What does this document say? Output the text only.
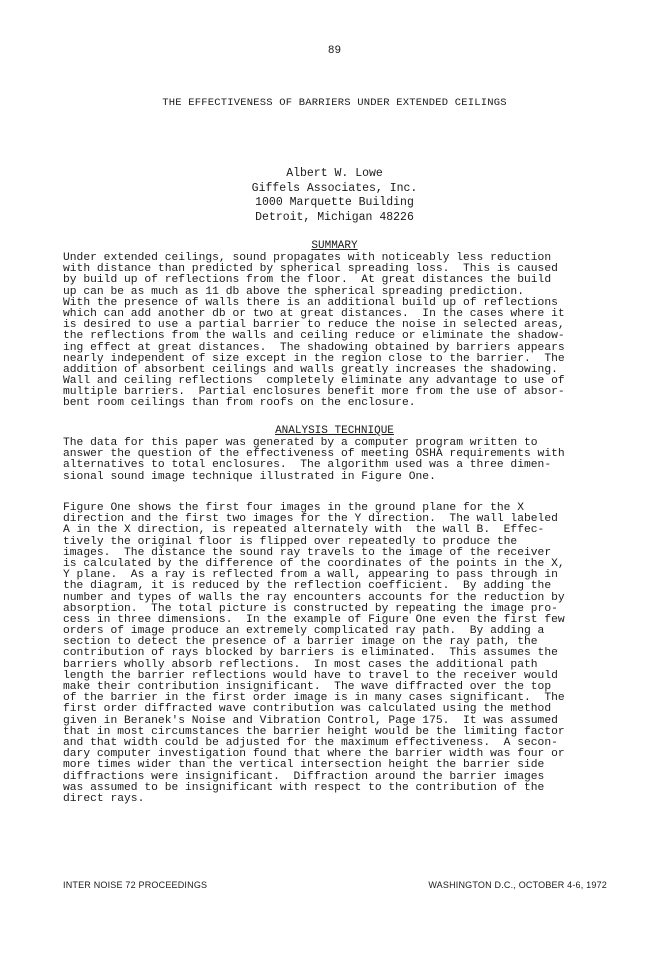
89
THE EFFECTIVENESS OF BARRIERS UNDER EXTENDED CEILINGS
Albert W. Lowe
Giffels Associates, Inc.
1000 Marquette Building
Detroit, Michigan 48226
SUMMARY
Under extended ceilings, sound propagates with noticeably less reduction
with distance than predicted by spherical spreading loss.  This is caused
by build up of reflections from the floor.  At great distances the build
up can be as much as 11 db above the spherical spreading prediction.
With the presence of walls there is an additional build up of reflections
which can add another db or two at great distances.  In the cases where it
is desired to use a partial barrier to reduce the noise in selected areas,
the reflections from the walls and ceiling reduce or eliminate the shadow-
ing effect at great distances.  The shadowing obtained by barriers appears
nearly independent of size except in the region close to the barrier.  The
addition of absorbent ceilings and walls greatly increases the shadowing.
Wall and ceiling reflections  completely eliminate any advantage to use of
multiple barriers.  Partial enclosures benefit more from the use of absor-
bent room ceilings than from roofs on the enclosure.
ANALYSIS TECHNIQUE
The data for this paper was generated by a computer program written to
answer the question of the effectiveness of meeting OSHA requirements with
alternatives to total enclosures.  The algorithm used was a three dimen-
sional sound image technique illustrated in Figure One.
Figure One shows the first four images in the ground plane for the X
direction and the first two images for the Y direction.  The wall labeled
A in the X direction, is repeated alternately with  the wall B.  Effec-
tively the original floor is flipped over repeatedly to produce the
images.  The distance the sound ray travels to the image of the receiver
is calculated by the difference of the coordinates of the points in the X,
Y plane.  As a ray is reflected from a wall, appearing to pass through in
the diagram, it is reduced by the reflection coefficient.  By adding the
number and types of walls the ray encounters accounts for the reduction by
absorption.  The total picture is constructed by repeating the image pro-
cess in three dimensions.  In the example of Figure One even the first few
orders of image produce an extremely complicated ray path.  By adding a
section to detect the presence of a barrier image on the ray path, the
contribution of rays blocked by barriers is eliminated.  This assumes the
barriers wholly absorb reflections.  In most cases the additional path
length the barrier reflections would have to travel to the receiver would
make their contribution insignificant.  The wave diffracted over the top
of the barrier in the first order image is in many cases significant.  The
first order diffracted wave contribution was calculated using the method
given in Beranek's Noise and Vibration Control, Page 175.  It was assumed
that in most circumstances the barrier height would be the limiting factor
and that width could be adjusted for the maximum effectiveness.  A secon-
dary computer investigation found that where the barrier width was four or
more times wider than the vertical intersection height the barrier side
diffractions were insignificant.  Diffraction around the barrier images
was assumed to be insignificant with respect to the contribution of the
direct rays.
INTER NOISE 72 PROCEEDINGS	WASHINGTON D.C., OCTOBER 4-6, 1972
